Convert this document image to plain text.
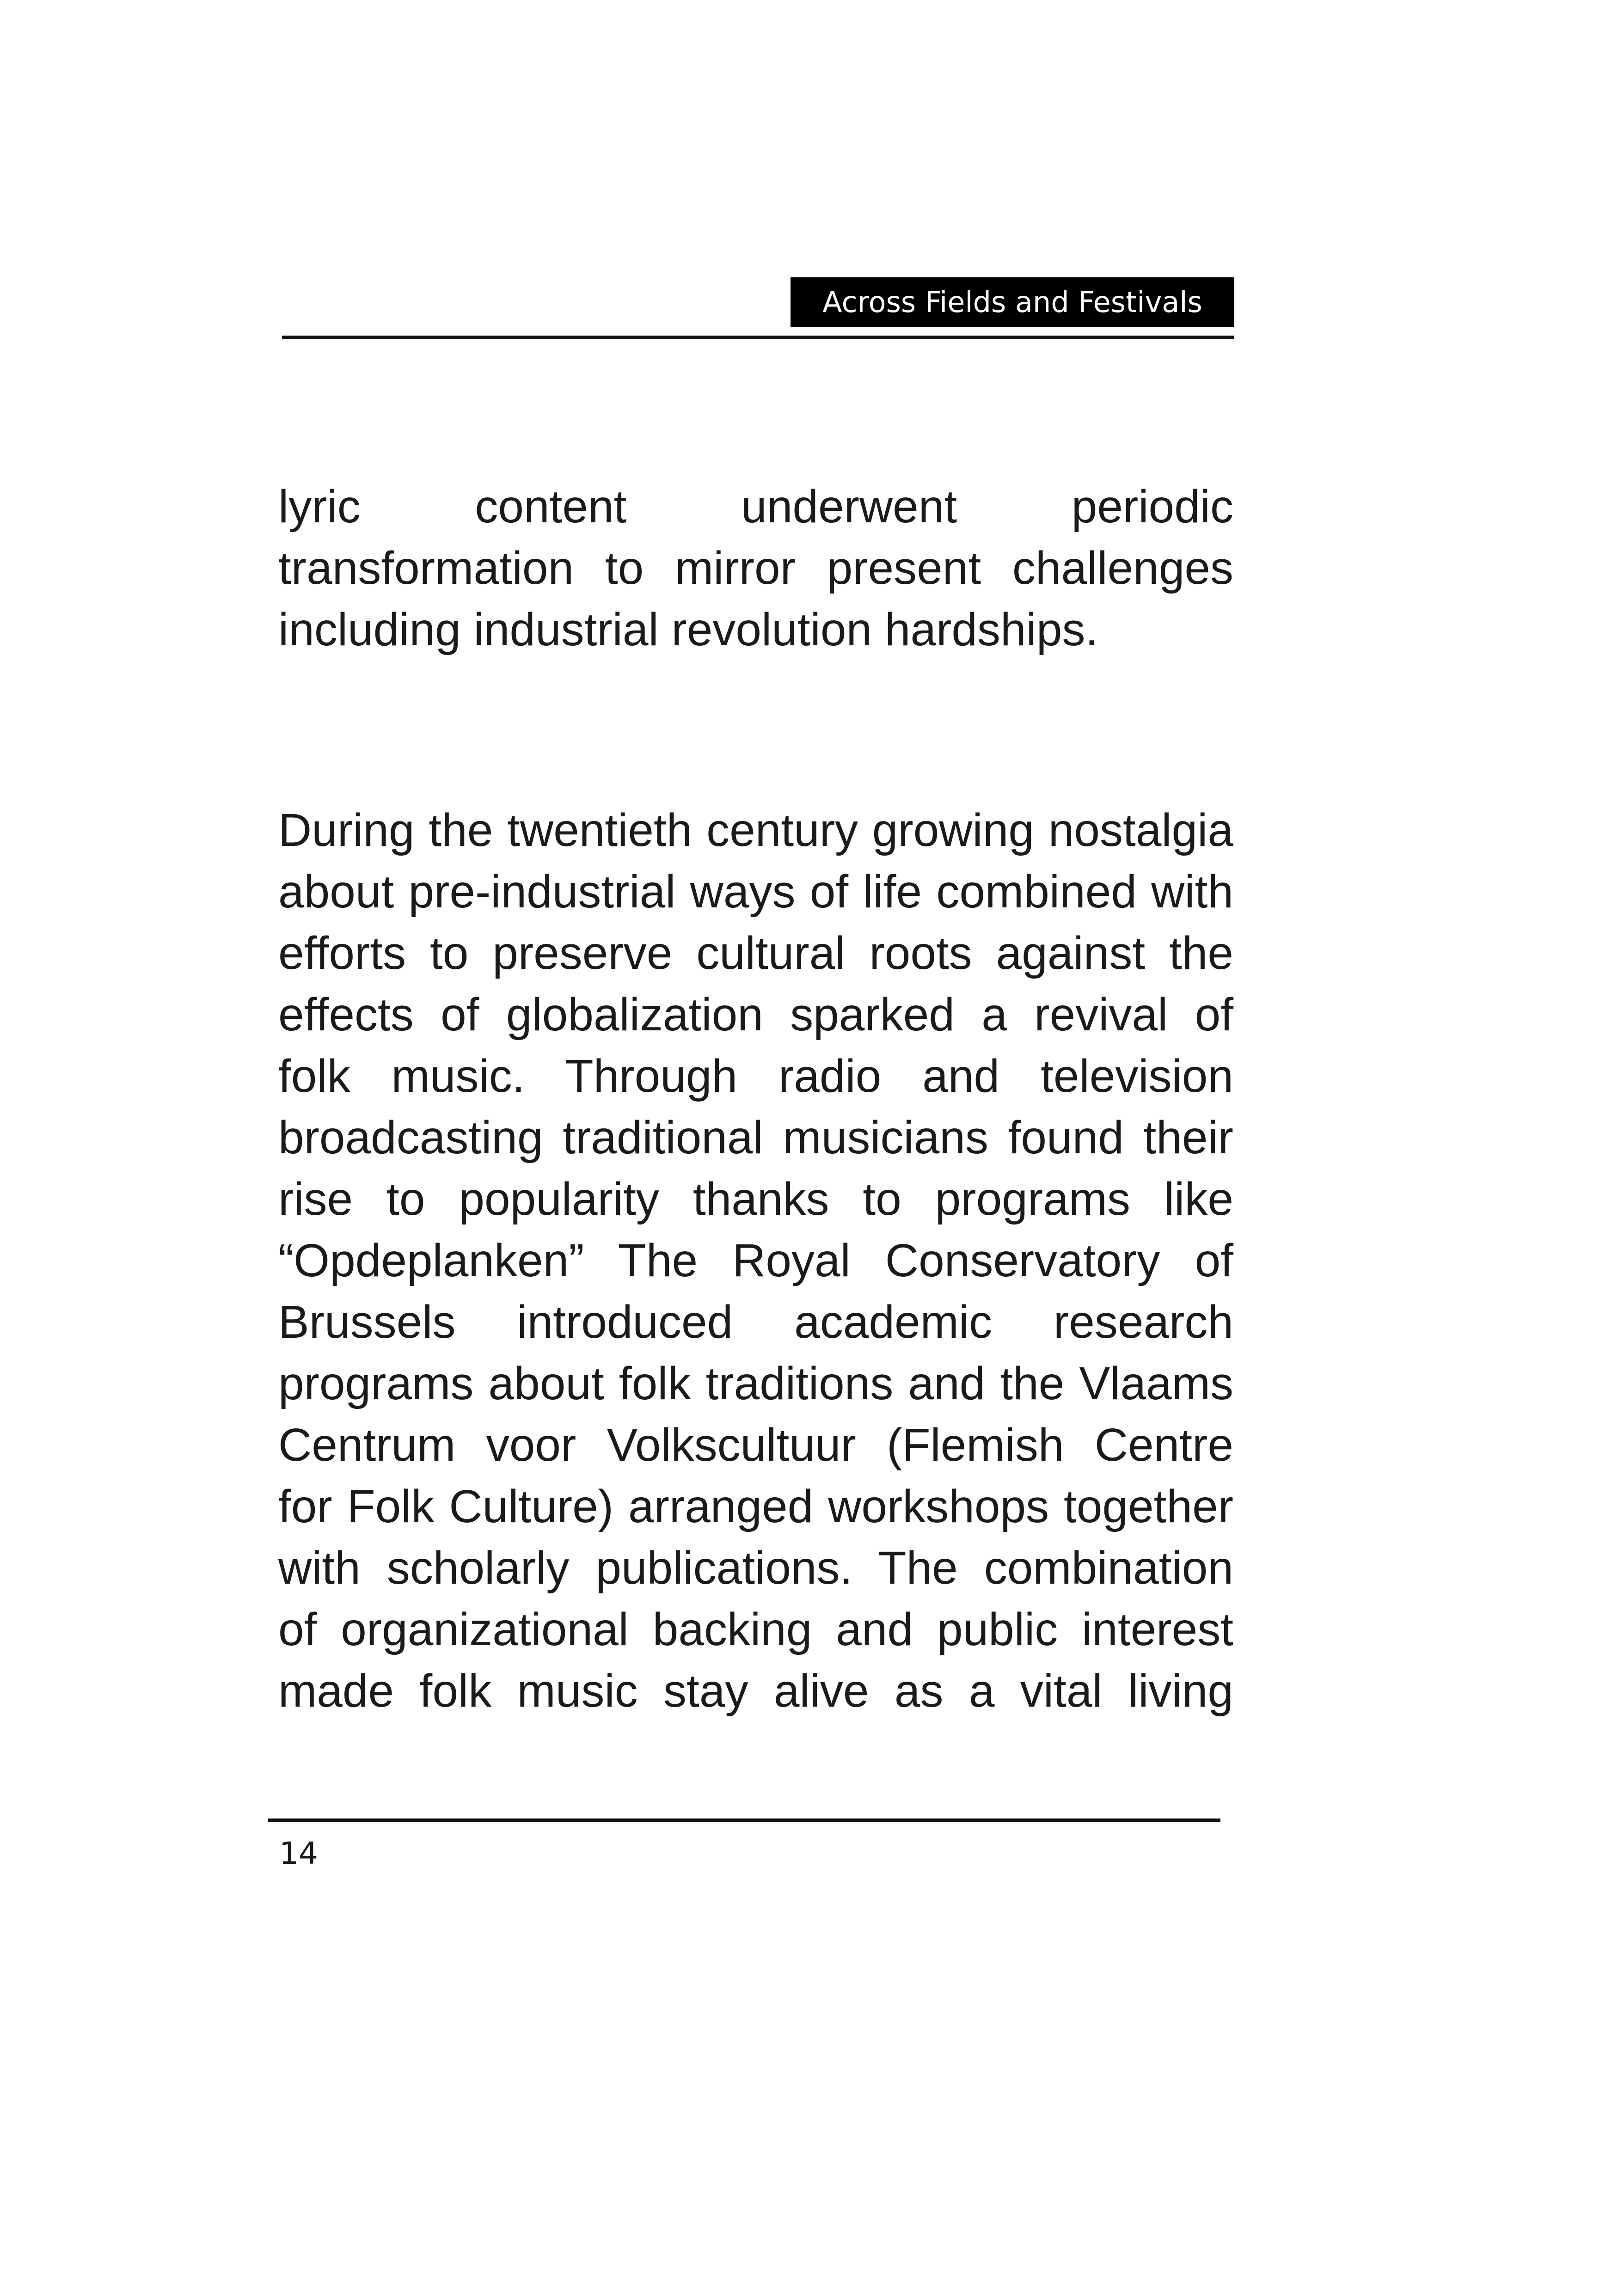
Across Fields and Festivals
lyric content underwent periodic
transformation to mirror present challenges
including industrial revolution hardships.
During the twentieth century growing nostalgia
about pre-industrial ways of life combined with
efforts to preserve cultural roots against the
effects of globalization sparked a revival of
folk music. Through radio and television
broadcasting traditional musicians found their
rise to popularity thanks to programs like
“Opdeplanken” The Royal Conservatory of
Brussels introduced academic research
programs about folk traditions and the Vlaams
Centrum voor Volkscultuur (Flemish Centre
for Folk Culture) arranged workshops together
with scholarly publications. The combination
of organizational backing and public interest
made folk music stay alive as a vital living
14
